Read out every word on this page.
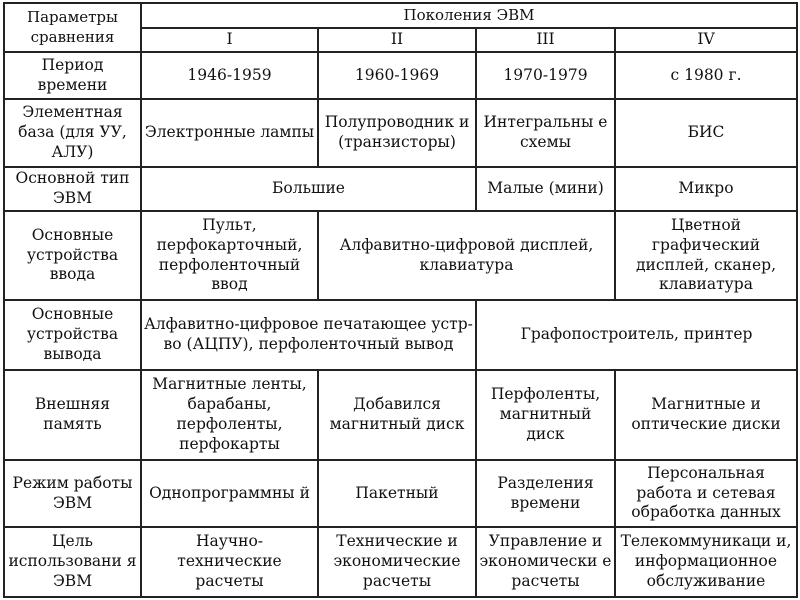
Параметры сравнения	Поколения ЭВМ			
	I	II	III	IV
Период времени	1946-1959	1960-1969	1970-1979	с 1980 г.
Элементная база (для УУ, АЛУ)	Электронные лампы	Полупроводник и (транзисторы)	Интегральны е схемы	БИС
Основной тип ЭВМ	Большие		Малые (мини)	Микро
Основные устройства ввода	Пульт, перфокарточный, перфоленточный ввод	Алфавитно-цифровой дисплей, клавиатура		Цветной графический дисплей, сканер, клавиатура
Основные устройства вывода	Алфавитно-цифровое печатающее устр-во (АЦПУ), перфоленточный вывод		Графопостроитель, принтер	
Внешняя память	Магнитные ленты, барабаны, перфоленты, перфокарты	Добавился магнитный диск	Перфоленты, магнитный диск	Магнитные и оптические диски
Режим работы ЭВМ	Однопрограммны й	Пакетный	Разделения времени	Персональная работа и сетевая обработка данных
Цель использовани я ЭВМ	Научно-технические расчеты	Технические и экономические расчеты	Управление и экономически е расчеты	Телекоммуникаци и, информационное обслуживание
